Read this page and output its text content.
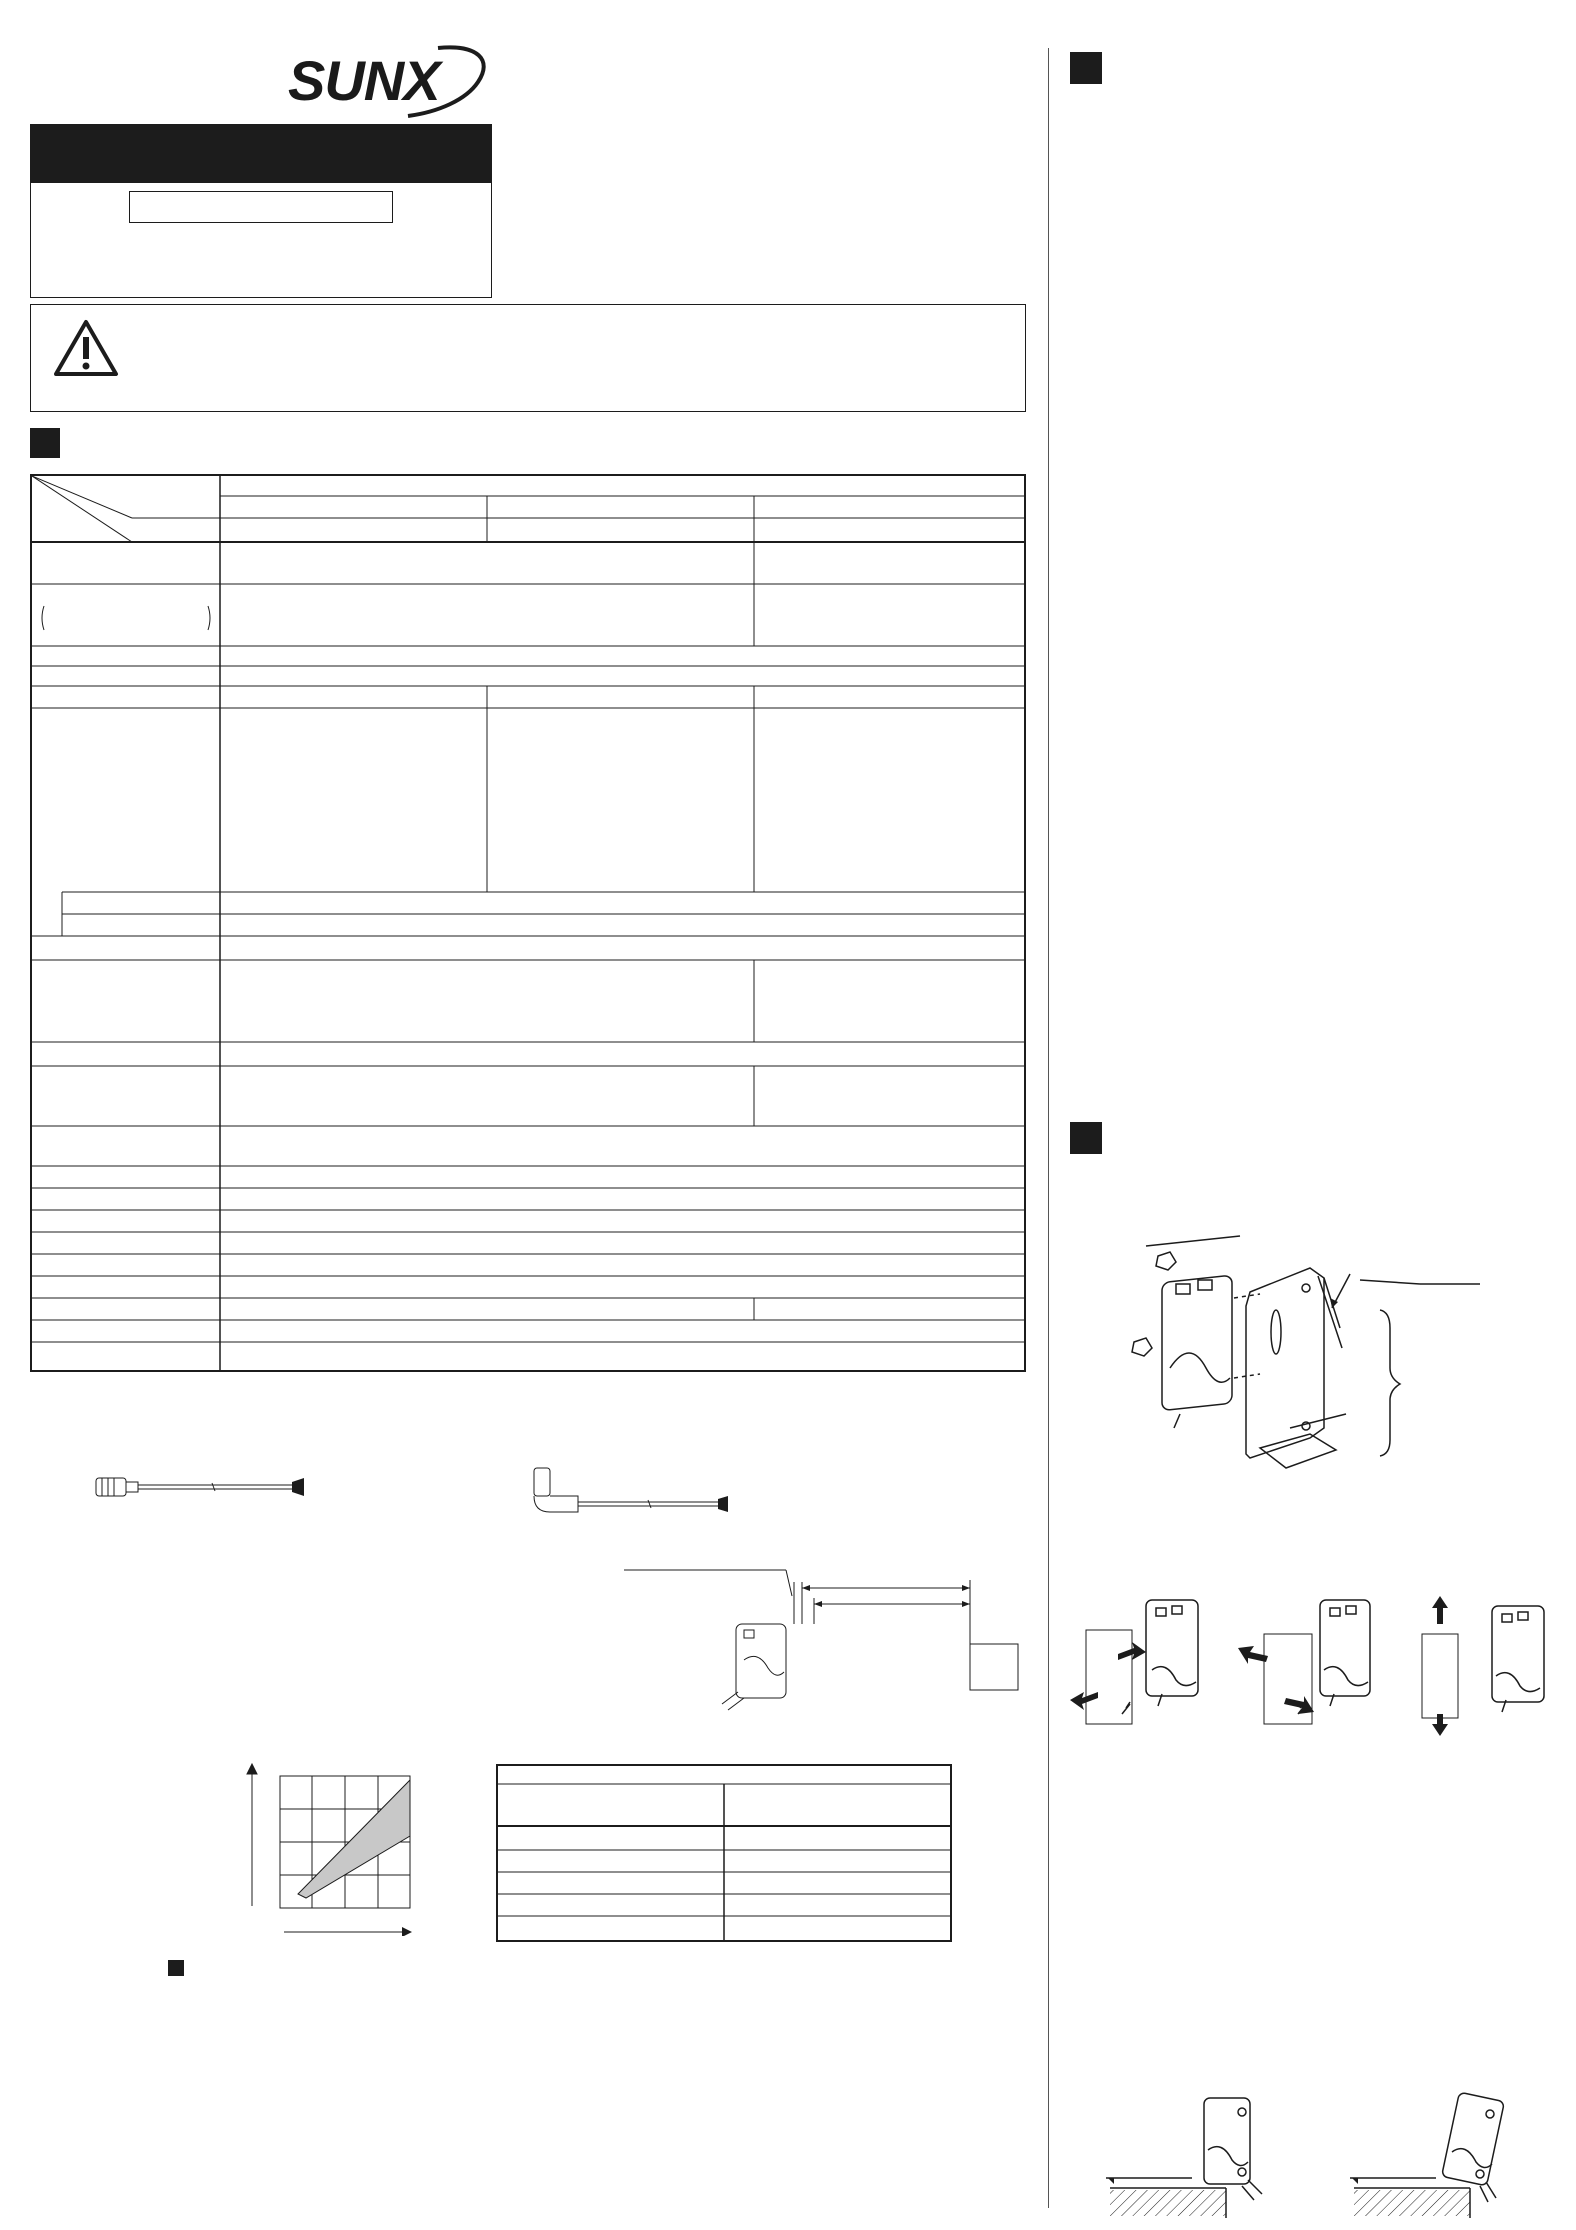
SUNX
